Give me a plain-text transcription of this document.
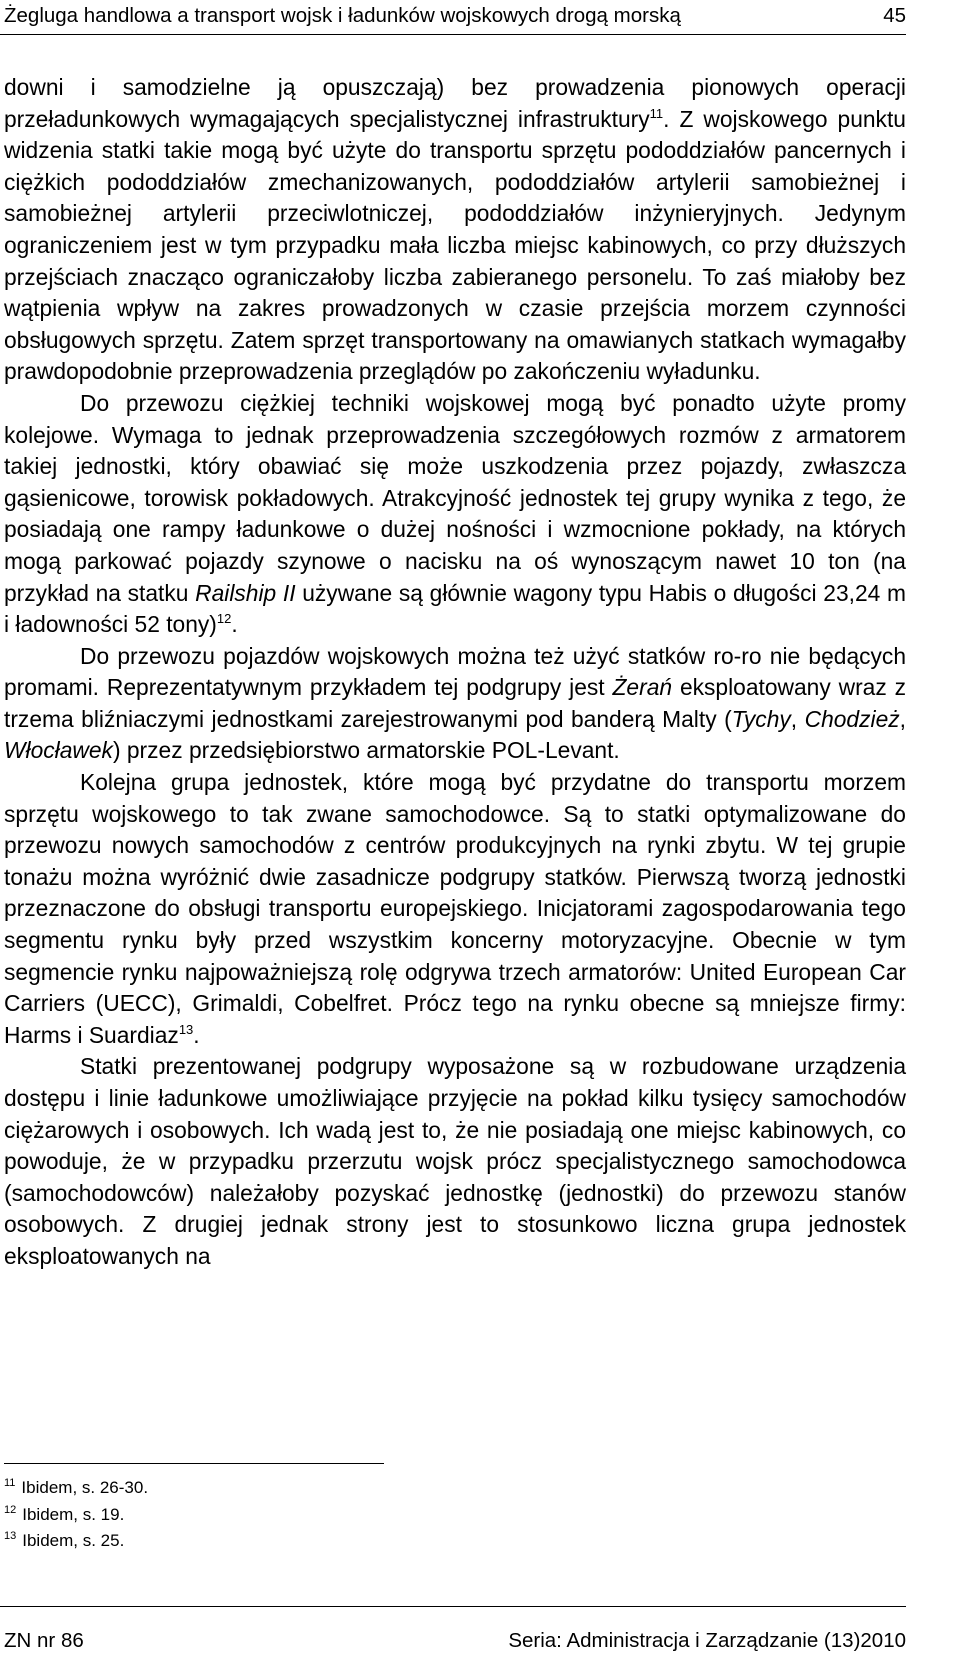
Żegluga handlowa a transport wojsk i ładunków wojskowych drogą morską	45

downi i samodzielne ją opuszczają) bez prowadzenia pionowych operacji przeładunkowych wymagających specjalistycznej infrastruktury$^{11}$. Z wojskowego punktu widzenia statki takie mogą być użyte do transportu sprzętu pododdziałów pancernych i ciężkich pododdziałów zmechanizowanych, pododdziałów artylerii samobieżnej i samobieżnej artylerii przeciwlotniczej, pododdziałów inżynieryjnych. Jedynym ograniczeniem jest w tym przypadku mała liczba miejsc kabinowych, co przy dłuższych przejściach znacząco ograniczałoby liczba zabieranego personelu. To zaś miałoby bez wątpienia wpływ na zakres prowadzonych w czasie przejścia morzem czynności obsługowych sprzętu. Zatem sprzęt transportowany na omawianych statkach wymagałby prawdopodobnie przeprowadzenia przeglądów po zakończeniu wyładunku.

Do przewozu ciężkiej techniki wojskowej mogą być ponadto użyte promy kolejowe. Wymaga to jednak przeprowadzenia szczegółowych rozmów z armatorem takiej jednostki, który obawiać się może uszkodzenia przez pojazdy, zwłaszcza gąsienicowe, torowisk pokładowych. Atrakcyjność jednostek tej grupy wynika z tego, że posiadają one rampy ładunkowe o dużej nośności i wzmocnione pokłady, na których mogą parkować pojazdy szynowe o nacisku na oś wynoszącym nawet 10 ton (na przykład na statku Railship II używane są głównie wagony typu Habis o długości 23,24 m i ładowności 52 tony)$^{12}$.

Do przewozu pojazdów wojskowych można też użyć statków ro-ro nie będących promami. Reprezentatywnym przykładem tej podgrupy jest Żerań eksploatowany wraz z trzema bliźniaczymi jednostkami zarejestrowanymi pod banderą Malty (Tychy, Chodzież, Włocławek) przez przedsiębiorstwo armatorskie POL-Levant.

Kolejna grupa jednostek, które mogą być przydatne do transportu morzem sprzętu wojskowego to tak zwane samochodowce. Są to statki optymalizowane do przewozu nowych samochodów z centrów produkcyjnych na rynki zbytu. W tej grupie tonażu można wyróżnić dwie zasadnicze podgrupy statków. Pierwszą tworzą jednostki przeznaczone do obsługi transportu europejskiego. Inicjatorami zagospodarowania tego segmentu rynku były przed wszystkim koncerny motoryzacyjne. Obecnie w tym segmencie rynku najpoważniejszą rolę odgrywa trzech armatorów: United European Car Carriers (UECC), Grimaldi, Cobelfret. Prócz tego na rynku obecne są mniejsze firmy: Harms i Suardiaz$^{13}$.

Statki prezentowanej podgrupy wyposażone są w rozbudowane urządzenia dostępu i linie ładunkowe umożliwiające przyjęcie na pokład kilku tysięcy samochodów ciężarowych i osobowych. Ich wadą jest to, że nie posiadają one miejsc kabinowych, co powoduje, że w przypadku przerzutu wojsk prócz specjalistycznego samochodowca (samochodowców) należałoby pozyskać jednostkę (jednostki) do przewozu stanów osobowych. Z drugiej jednak strony jest to stosunkowo liczna grupa jednostek eksploatowanych na

$^{11}$ Ibidem, s. 26-30.
$^{12}$ Ibidem, s. 19.
$^{13}$ Ibidem, s. 25.
ZN nr 86	Seria: Administracja i Zarządzanie (13)2010
